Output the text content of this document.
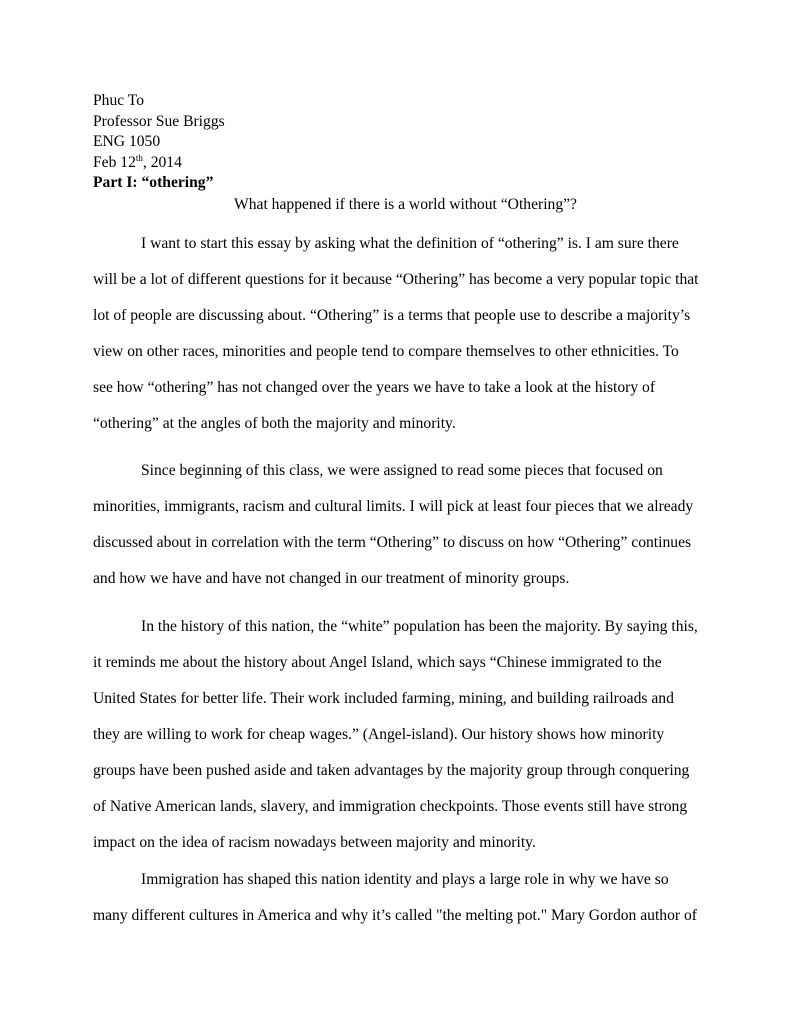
Phuc To
Professor Sue Briggs
ENG 1050
Feb 12th, 2014
Part I: “othering”
What happened if there is a world without “Othering”?
I want to start this essay by asking what the definition of “othering” is. I am sure there
will be a lot of different questions for it because “Othering” has become a very popular topic that
lot of people are discussing about. “Othering” is a terms that people use to describe a majority’s
view on other races, minorities and people tend to compare themselves to other ethnicities. To
see how “othering” has not changed over the years we have to take a look at the history of
“othering” at the angles of both the majority and minority.
Since beginning of this class, we were assigned to read some pieces that focused on
minorities, immigrants, racism and cultural limits. I will pick at least four pieces that we already
discussed about in correlation with the term “Othering” to discuss on how “Othering” continues
and how we have and have not changed in our treatment of minority groups.
In the history of this nation, the “white” population has been the majority. By saying this,
it reminds me about the history about Angel Island, which says “Chinese immigrated to the
United States for better life. Their work included farming, mining, and building railroads and
they are willing to work for cheap wages.” (Angel-island). Our history shows how minority
groups have been pushed aside and taken advantages by the majority group through conquering
of Native American lands, slavery, and immigration checkpoints. Those events still have strong
impact on the idea of racism nowadays between majority and minority.
Immigration has shaped this nation identity and plays a large role in why we have so
many different cultures in America and why it’s called "the melting pot." Mary Gordon author of
